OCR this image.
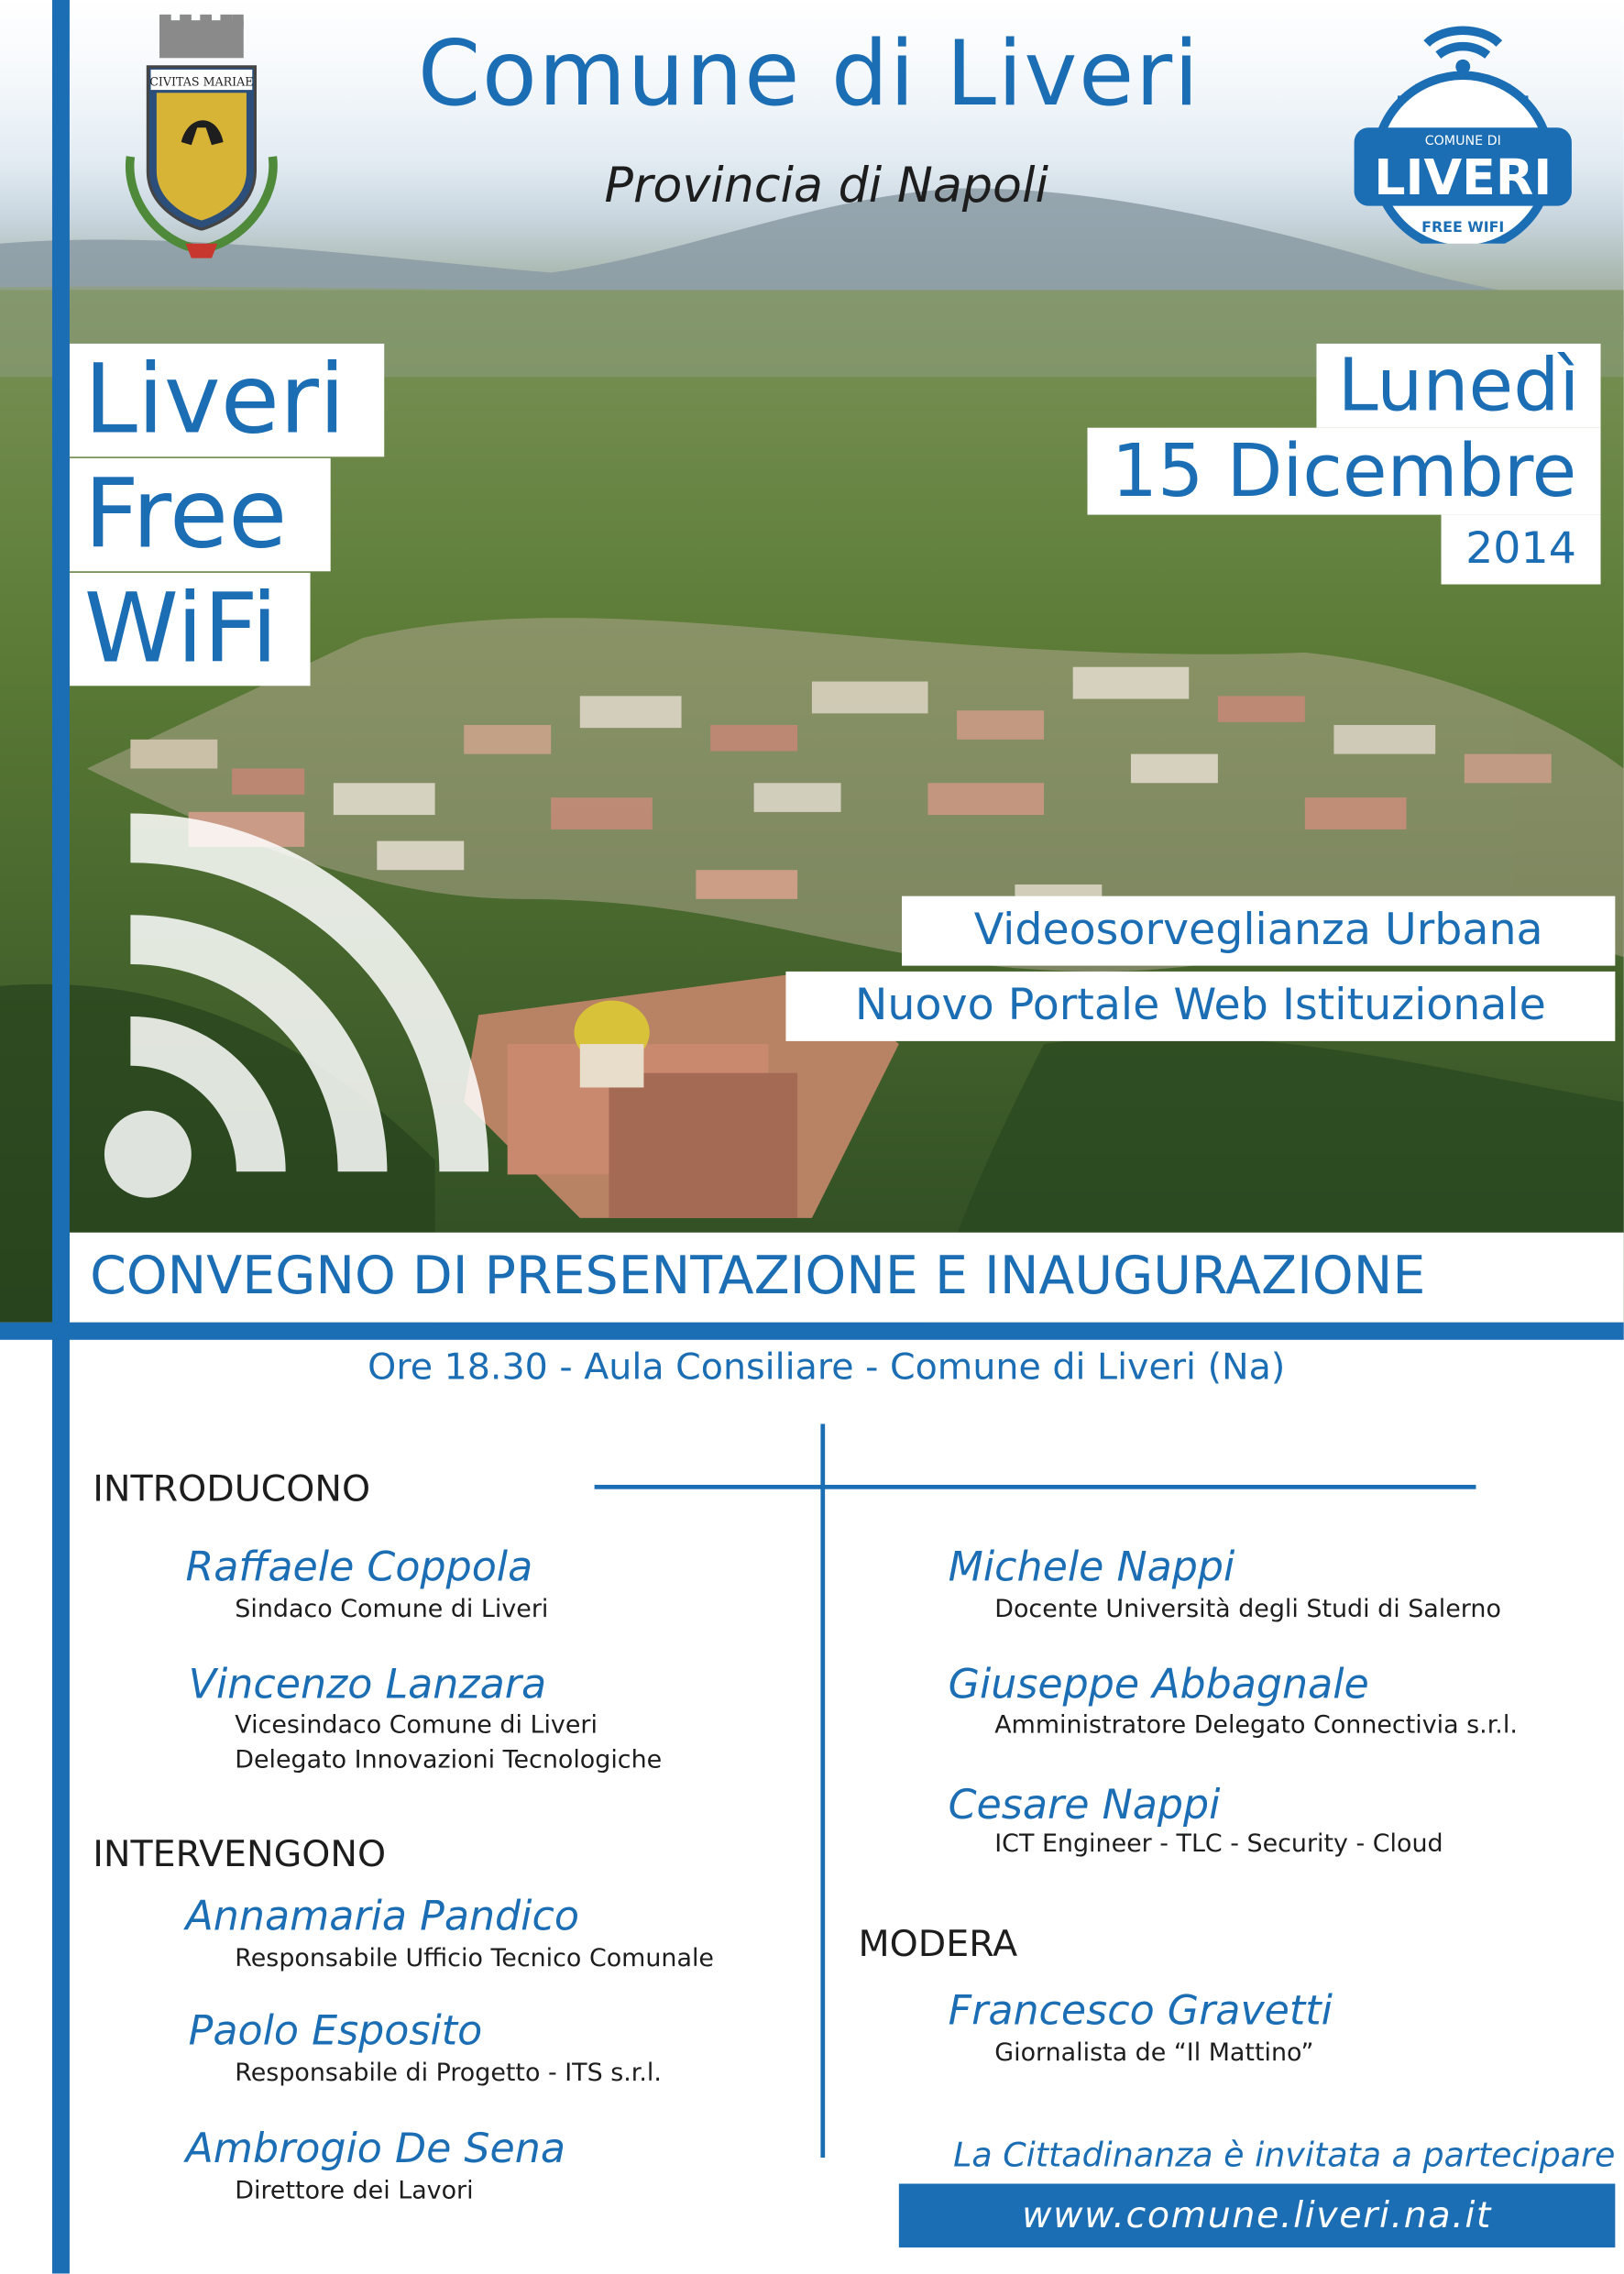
CIVITAS MARIAE	Comune di Liveri
Provincia di Napoli
COMUNE DI
LIVERI
FREE WIFI
Liveri
Free
WiFi
Lunedì
15 Dicembre
2014
Videosorveglianza Urbana
Nuovo Portale Web Istituzionale
CONVEGNO DI PRESENTAZIONE E INAUGURAZIONE
Ore 18.30 - Aula Consiliare - Comune di Liveri (Na)
INTRODUCONO
Raffaele Coppola
Sindaco Comune di Liveri
Vincenzo Lanzara
Vicesindaco Comune di Liveri
Delegato Innovazioni Tecnologiche
INTERVENGONO
Annamaria Pandico
Responsabile Ufficio Tecnico Comunale
Paolo Esposito
Responsabile di Progetto - ITS s.r.l.
Ambrogio De Sena
Direttore dei Lavori
Michele Nappi
Docente Università degli Studi di Salerno
Giuseppe Abbagnale
Amministratore Delegato Connectivia s.r.l.
Cesare Nappi
ICT Engineer - TLC - Security - Cloud
MODERA
Francesco Gravetti
Giornalista de “Il Mattino”
La Cittadinanza è invitata a partecipare
www.comune.liveri.na.it
